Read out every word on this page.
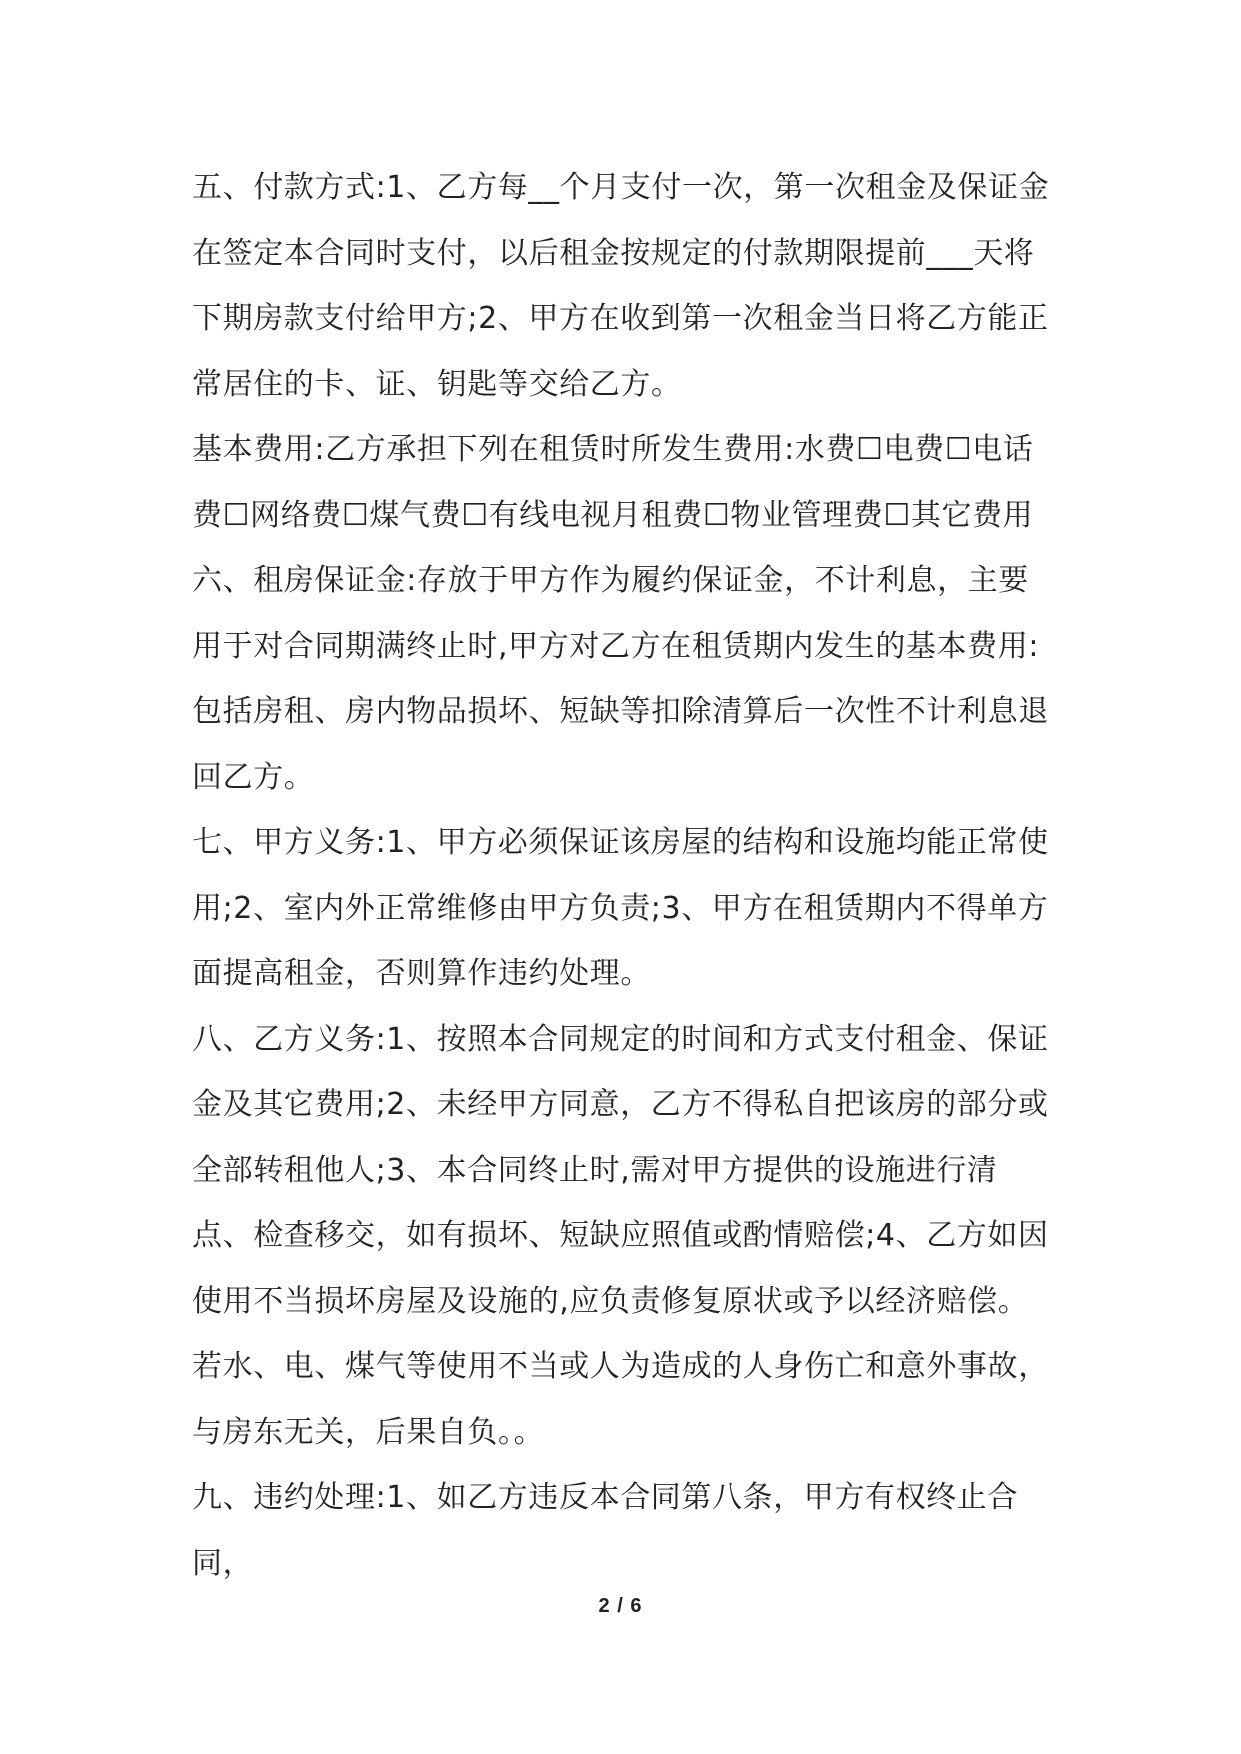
五、付款方式:1、乙方每__个月支付一次，第一次租金及保证金在签定本合同时支付，以后租金按规定的付款期限提前___天将下期房款支付给甲方;2、甲方在收到第一次租金当日将乙方能正常居住的卡、证、钥匙等交给乙方。

基本费用:乙方承担下列在租赁时所发生费用:水费☐电费☐电话费☐网络费☐煤气费☐有线电视月租费☐物业管理费☐其它费用

六、租房保证金:存放于甲方作为履约保证金，不计利息，主要用于对合同期满终止时,甲方对乙方在租赁期内发生的基本费用:包括房租、房内物品损坏、短缺等扣除清算后一次性不计利息退回乙方。

七、甲方义务:1、甲方必须保证该房屋的结构和设施均能正常使用;2、室内外正常维修由甲方负责;3、甲方在租赁期内不得单方面提高租金，否则算作违约处理。

八、乙方义务:1、按照本合同规定的时间和方式支付租金、保证金及其它费用;2、未经甲方同意，乙方不得私自把该房的部分或全部转租他人;3、本合同终止时,需对甲方提供的设施进行清点、检查移交，如有损坏、短缺应照值或酌情赔偿;4、乙方如因使用不当损坏房屋及设施的,应负责修复原状或予以经济赔偿。若水、电、煤气等使用不当或人为造成的人身伤亡和意外事故，与房东无关，后果自负。。

九、违约处理:1、如乙方违反本合同第八条，甲方有权终止合同，

2 / 6
